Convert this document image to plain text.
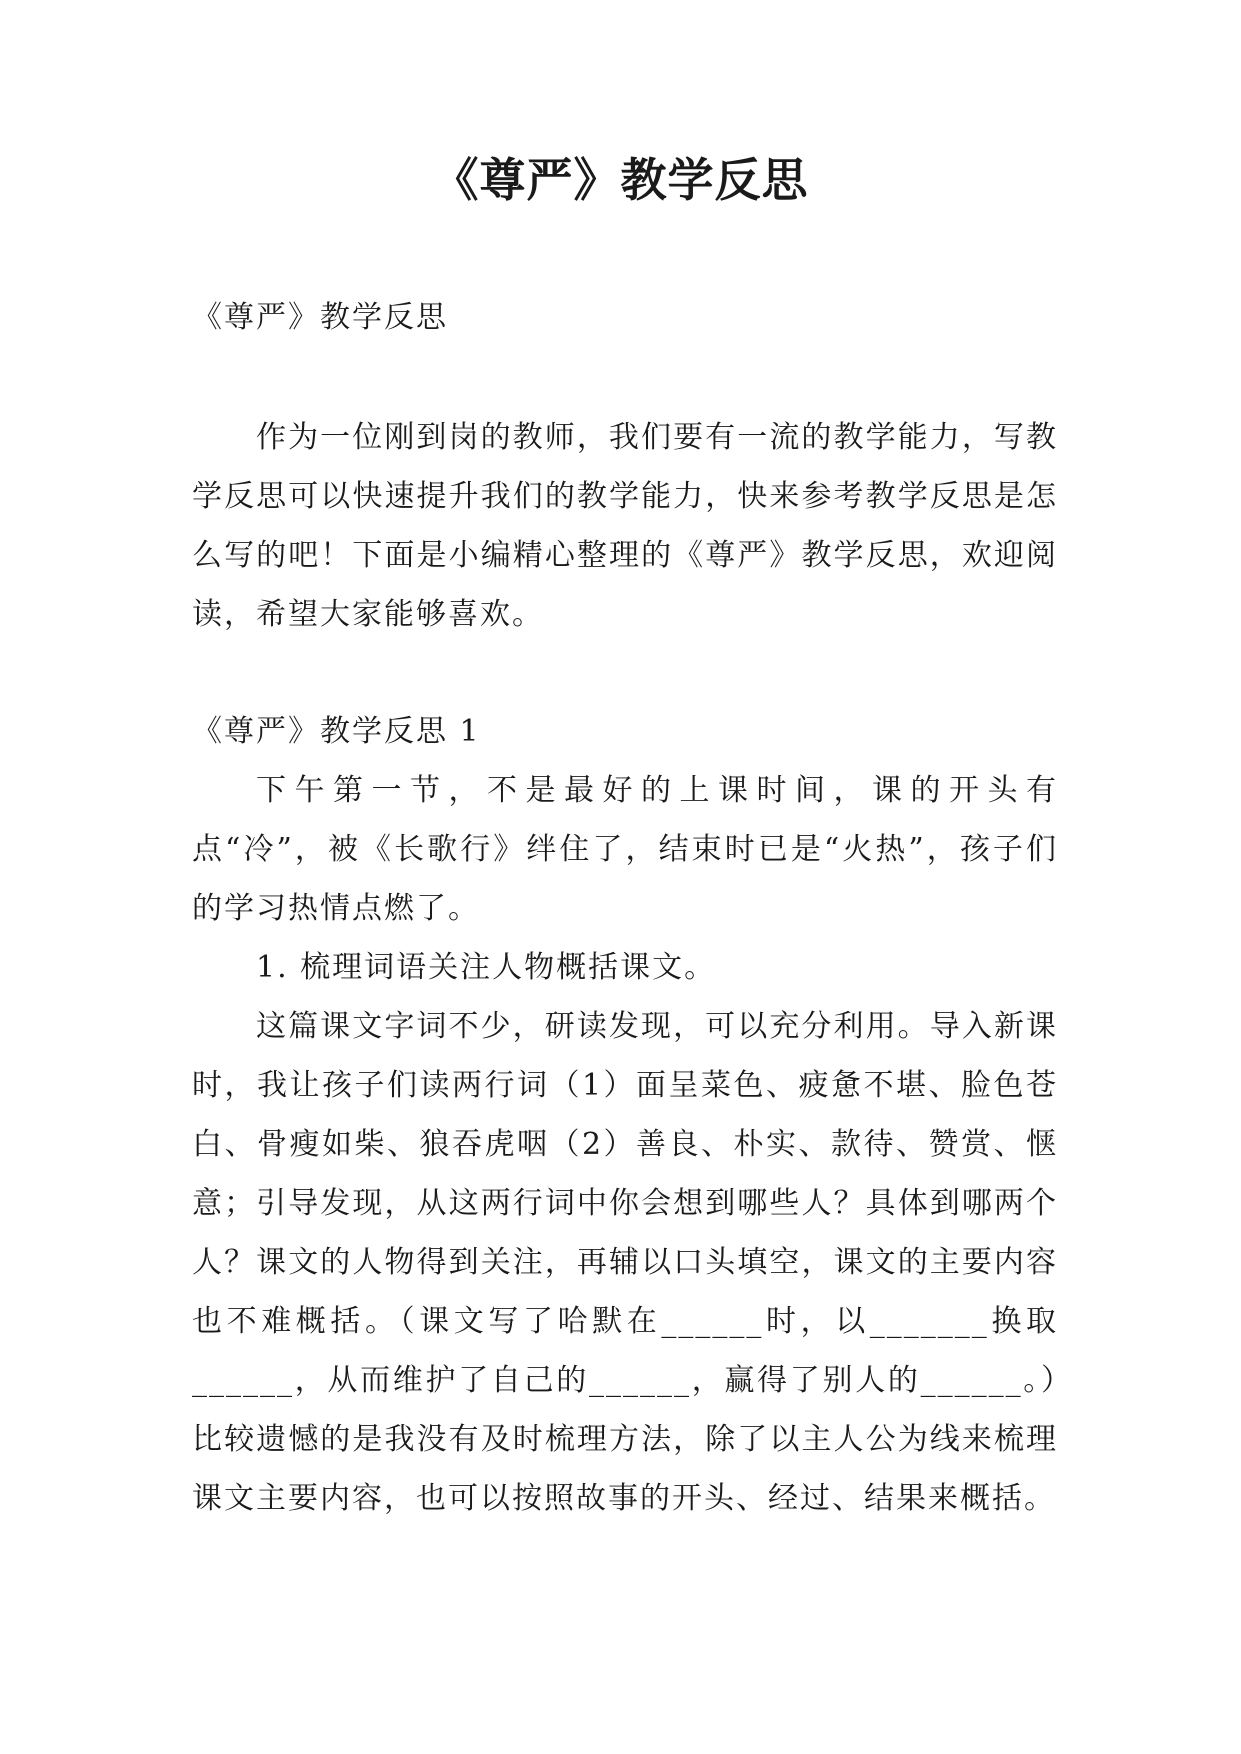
《尊严》教学反思

《尊严》教学反思

作为一位刚到岗的教师，我们要有一流的教学能力，写教学反思可以快速提升我们的教学能力，快来参考教学反思是怎么写的吧！下面是小编精心整理的《尊严》教学反思，欢迎阅读，希望大家能够喜欢。

《尊严》教学反思 1

下午第一节，不是最好的上课时间，课的开头有点“冷”，被《长歌行》绊住了，结束时已是“火热”，孩子们的学习热情点燃了。

1. 梳理词语关注人物概括课文。

这篇课文字词不少，研读发现，可以充分利用。导入新课时，我让孩子们读两行词（1）面呈菜色、疲惫不堪、脸色苍白、骨瘦如柴、狼吞虎咽（2）善良、朴实、款待、赞赏、惬意；引导发现，从这两行词中你会想到哪些人？具体到哪两个人？课文的人物得到关注，再辅以口头填空，课文的主要内容也不难概括。（课文写了哈默在______时，以_______换取______，从而维护了自己的______，赢得了别人的______。）比较遗憾的是我没有及时梳理方法，除了以主人公为线来梳理课文主要内容，也可以按照故事的开头、经过、结果来概括。
